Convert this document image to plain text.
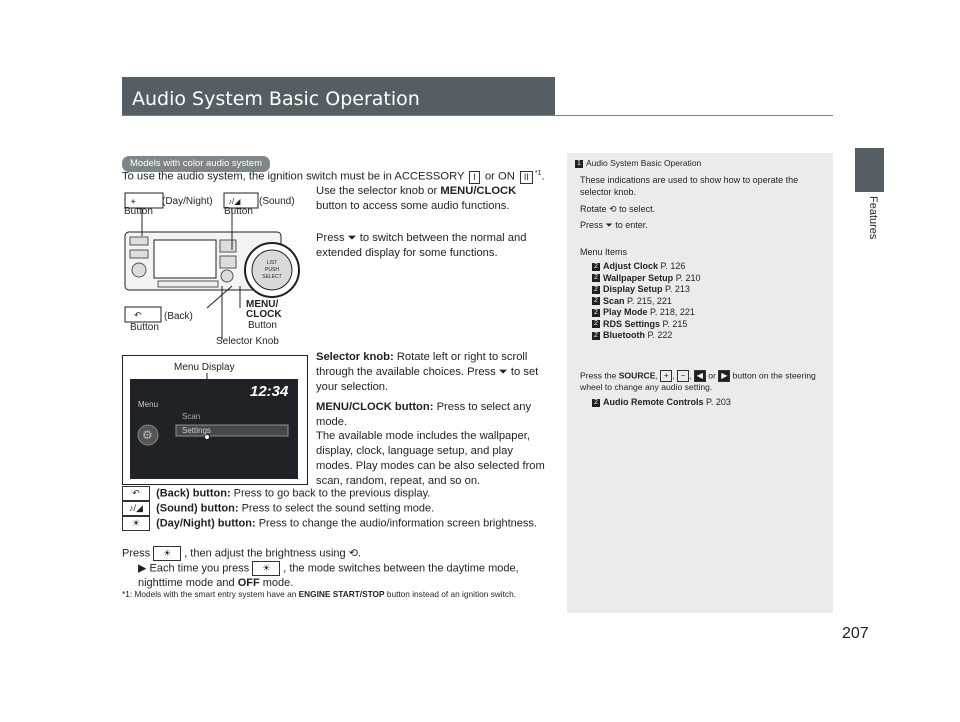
Audio System Basic Operation
Features
207
Models with color audio system
To use the audio system, the ignition switch must be in ACCESSORY I or ON II $^{*1}$.
Use the selector knob or MENU/CLOCK button to access some audio functions.
Press ⏷ to switch between the normal and extended display for some functions.
☀	(Day/Night)
Button
♪/◢ (Sound)
Button
LIST
PUSH
SELECT
↶ (Back)
Button
MENU/
CLOCK
Button
Selector Knob
Menu Display
12:34
Menu
⚙
Scan
Settings
Selector knob: Rotate left or right to scroll through the available choices. Press ⏷ to set your selection.
MENU/CLOCK button: Press to select any mode.
The available mode includes the wallpaper, display, clock, language setup, and play modes. Play modes can be also selected from scan, random, repeat, and so on.
↶ (Back) button: Press to go back to the previous display.
♪/◢ (Sound) button: Press to select the sound setting mode.
☀ (Day/Night) button: Press to change the audio/information screen brightness.
Press ☀ , then adjust the brightness using ⟲.
▶ Each time you press ☀ , the mode switches between the daytime mode, nighttime mode and OFF mode.
*1: Models with the smart entry system have an ENGINE START/STOP button instead of an ignition switch.
1 Audio System Basic Operation
These indications are used to show how to operate the selector knob.
Rotate ⟲ to select.
Press ⏷ to enter.
Menu Items
2 Adjust Clock P. 126
2 Wallpaper Setup P. 210
2 Display Setup P. 213
2 Scan P. 215, 221
2 Play Mode P. 218, 221
2 RDS Settings P. 215
2 Bluetooth P. 222
Press the SOURCE, + , − , ◀ or ▶ button on the steering wheel to change any audio setting.
2 Audio Remote Controls P. 203
